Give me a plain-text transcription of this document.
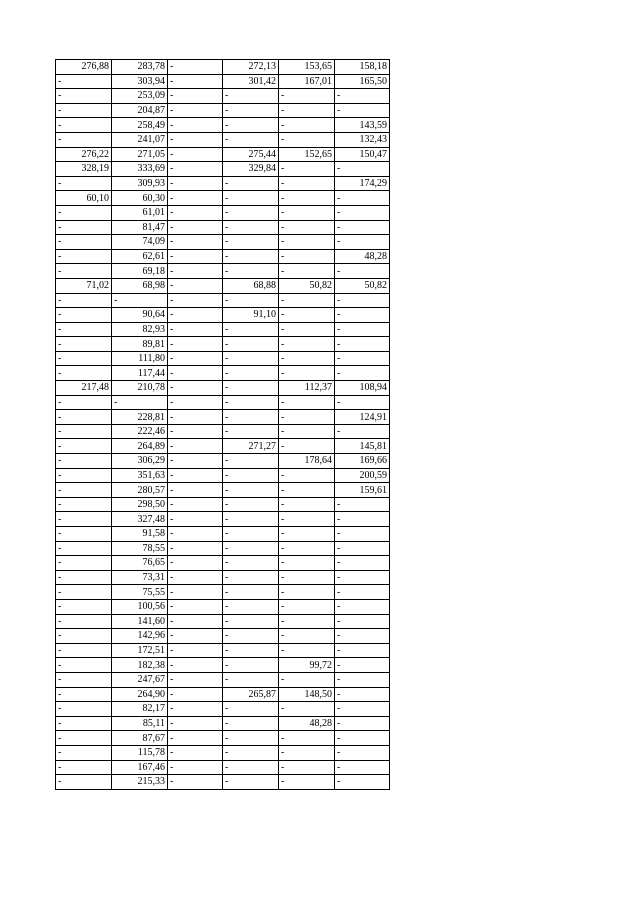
276,88	283,78	-	272,13	153,65	158,18
-	303,94	-	301,42	167,01	165,50
-	253,09	-	-	-	-
-	204,87	-	-	-	-
-	258,49	-	-	-	143,59
-	241,07	-	-	-	132,43
276,22	271,05	-	275,44	152,65	150,47
328,19	333,69	-	329,84	-	-
-	309,93	-	-	-	174,29
60,10	60,30	-	-	-	-
-	61,01	-	-	-	-
-	81,47	-	-	-	-
-	74,09	-	-	-	-
-	62,61	-	-	-	48,28
-	69,18	-	-	-	-
71,02	68,98	-	68,88	50,82	50,82
-	-	-	-	-	-
-	90,64	-	91,10	-	-
-	82,93	-	-	-	-
-	89,81	-	-	-	-
-	111,80	-	-	-	-
-	117,44	-	-	-	-
217,48	210,78	-	-	112,37	108,94
-	-	-	-	-	-
-	228,81	-	-	-	124,91
-	222,46	-	-	-	-
-	264,89	-	271,27	-	145,81
-	306,29	-	-	178,64	169,66
-	351,63	-	-	-	200,59
-	280,57	-	-	-	159,61
-	298,50	-	-	-	-
-	327,48	-	-	-	-
-	91,58	-	-	-	-
-	78,55	-	-	-	-
-	76,65	-	-	-	-
-	73,31	-	-	-	-
-	75,55	-	-	-	-
-	100,56	-	-	-	-
-	141,60	-	-	-	-
-	142,96	-	-	-	-
-	172,51	-	-	-	-
-	182,38	-	-	99,72	-
-	247,67	-	-	-	-
-	264,90	-	265,87	148,50	-
-	82,17	-	-	-	-
-	85,11	-	-	48,28	-
-	87,67	-	-	-	-
-	115,78	-	-	-	-
-	167,46	-	-	-	-
-	215,33	-	-	-	-
